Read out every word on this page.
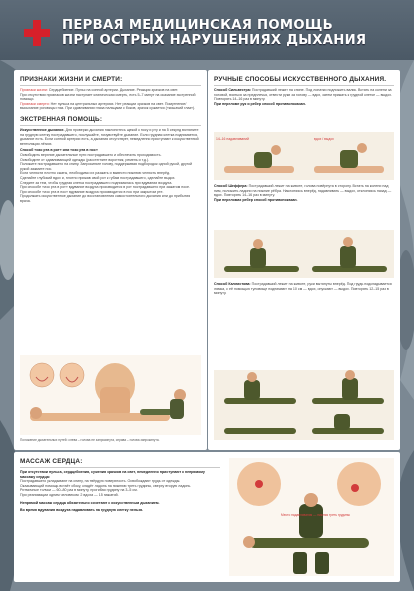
ПЕРВАЯ МЕДИЦИНСКАЯ ПОМОЩЬ
ПРИ ОСТРЫХ НАРУШЕНИЯХ ДЫХАНИЯ
ПРИЗНАКИ ЖИЗНИ И СМЕРТИ:
Признаки жизни: Сердцебиение. Пульс на сонной артерии. Дыхание. Реакция зрачков на свет.
При отсутствии признаков жизни наступает клиническая смерть, есть 5–7 минут на оказание экстренной помощи.
Признаки смерти: Нет пульса на центральных артериях. Нет реакции зрачков на свет. Помутнение/высыхание роговицы глаз. При сдавливании глаза пальцами с боков, зрачок сужается («кошачий глаз»).
ЭКСТРЕННАЯ ПОМОЩЬ:
Искусственное дыхание. Для проверки дыхания наклонитесь щекой к носу и рту и на 5 секунд взгляните на грудную клетку пострадавшего, послушайте, почувствуйте дыхание. Если грудная клетка поднимается, дыхание есть. Если сонной артерии есть, а дыхания отсутствует, немедленно приступают к искусственной вентиляции лёгких.
Способ «изо рта в рот» или «изо рта в нос»
Освободить верхние дыхательные пути пострадавшего и обеспечить проходимость.
Освободите от сдавливающей одежды (расстегните воротник, ремень и т.д.).
Положите пострадавшего на спину. Запрокиньте голову, поддерживая подбородок одной рукой, другой рукой зажмите нос.
Если челюсти плотно сжаты, необходимо их разжать и вывести нижнюю челюсть вперёд.
Сделайте глубокий вдох и, плотно прижав свой рот к губам пострадавшего, сделайте выдох.
Следите за тем, чтобы грудная клетка пострадавшего поднималась при вдувании воздуха.
При способе «изо рта в рот» вдувание воздуха производится в рот пострадавшего при зажатом носе.
При способе «изо рта в нос» вдувание воздуха производится в нос при закрытом рте.
Продолжать искусственное дыхание до восстановления самостоятельного дыхания или до прибытия врача.
Положение дыхательных путей: слева – голова не запрокинута, справа – голова запрокинута.
РУЧНЫЕ СПОСОБЫ ИСКУССТВЕННОГО ДЫХАНИЯ.
Способ Сильвестра: Пострадавший лежит на спине. Под лопатки подложить валик. Встать на колени за головой, взяться за предплечья, отвести руки за голову — вдох, затем прижать к грудной клетке — выдох. Повторять 14–16 раз в минуту.
При переломе рук и ребер способ противопоказан.
14–16 надавливаний	вдох / выдох
Способ Шеффера: Пострадавший лежит на животе, голова повёрнута в сторону. Встать на колени над ним, положить ладони на нижние рёбра. Наклоняясь вперёд, надавливать — выдох, отклоняясь назад — вдох. Повторять 14–16 раз в минуту.
При переломах ребер способ противопоказан.
Способ Каллистова: Пострадавший лежит на животе, руки вытянуты вперёд. Под грудь подкладывается лямка, с её помощью туловище поднимают на 10 см — вдох, опускают — выдох. Повторять 12–15 раз в минуту.
МАССАЖ СЕРДЦА:
При отсутствии пульса, сердцебиения, сужения зрачков на свет, немедленно приступают к непрямому массажу сердца:
Пострадавшего укладывают на спину, на твёрдую поверхность. Освобождают грудь от одежды.
Оказывающий помощь встаёт сбоку, кладёт ладонь на нижнюю треть грудины, сверху вторую ладонь.
Ритмичные толчки — 60–80 раз в минуту, прогибая грудину на 3–5 см.
При реанимации одним человеком: 2 вдоха — 15 нажатий.
Непрямой массаж сердца обязательно сочетают с искусственным дыханием.
Во время вдувания воздуха надавливать на грудную клетку нельзя.
Место надавливания — нижняя треть грудины
